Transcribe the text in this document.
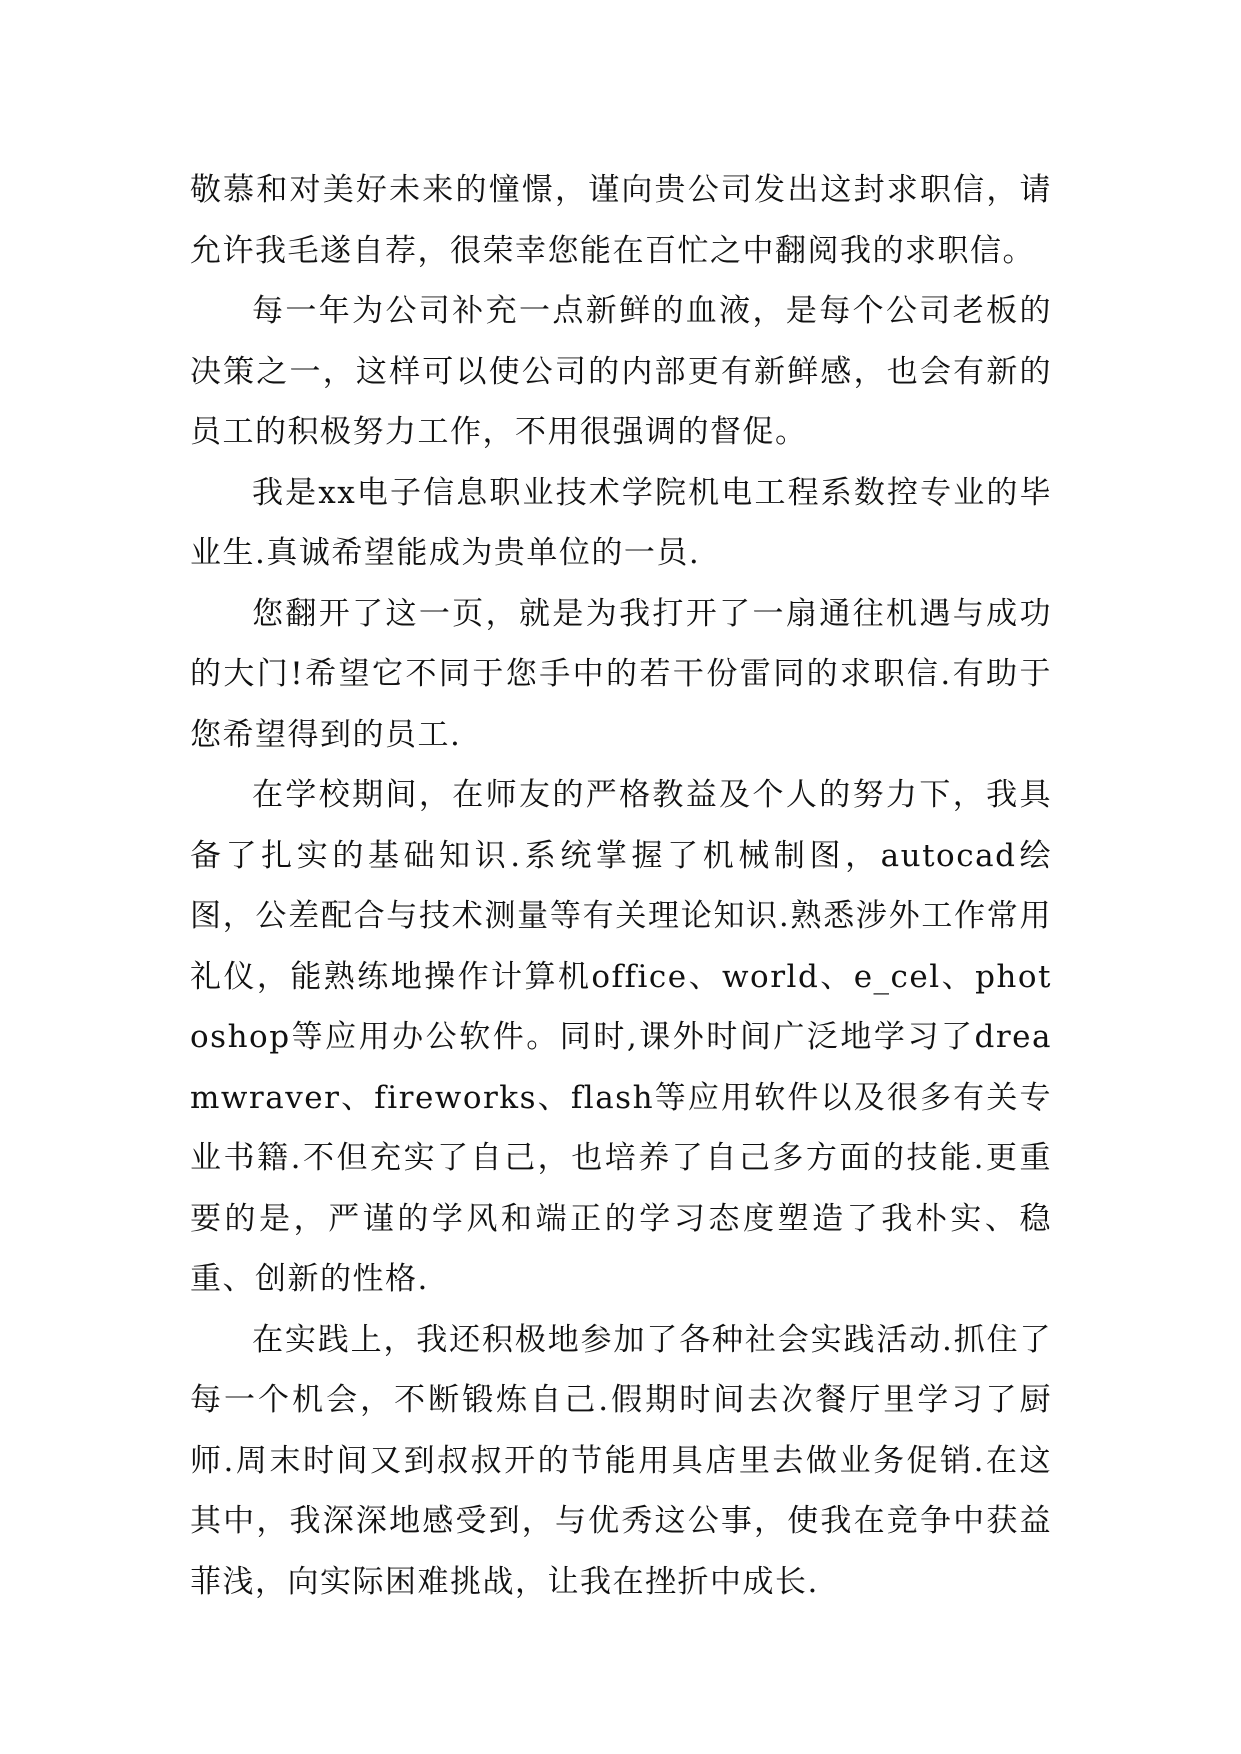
敬慕和对美好未来的憧憬，谨向贵公司发出这封求职信，请允许我毛遂自荐，很荣幸您能在百忙之中翻阅我的求职信。

每一年为公司补充一点新鲜的血液，是每个公司老板的决策之一，这样可以使公司的内部更有新鲜感，也会有新的员工的积极努力工作，不用很强调的督促。

我是xx电子信息职业技术学院机电工程系数控专业的毕业生.真诚希望能成为贵单位的一员.

您翻开了这一页，就是为我打开了一扇通往机遇与成功的大门!希望它不同于您手中的若干份雷同的求职信.有助于您希望得到的员工.

在学校期间，在师友的严格教益及个人的努力下，我具备了扎实的基础知识.系统掌握了机械制图，autocad绘图，公差配合与技术测量等有关理论知识.熟悉涉外工作常用礼仪，能熟练地操作计算机office、world、e_cel、photoshop等应用办公软件。同时,课外时间广泛地学习了dreamwraver、fireworks、flash等应用软件以及很多有关专业书籍.不但充实了自己，也培养了自己多方面的技能.更重要的是，严谨的学风和端正的学习态度塑造了我朴实、稳重、创新的性格.

在实践上，我还积极地参加了各种社会实践活动.抓住了每一个机会，不断锻炼自己.假期时间去次餐厅里学习了厨师.周末时间又到叔叔开的节能用具店里去做业务促销.在这其中，我深深地感受到，与优秀这公事，使我在竞争中获益菲浅，向实际困难挑战，让我在挫折中成长.
